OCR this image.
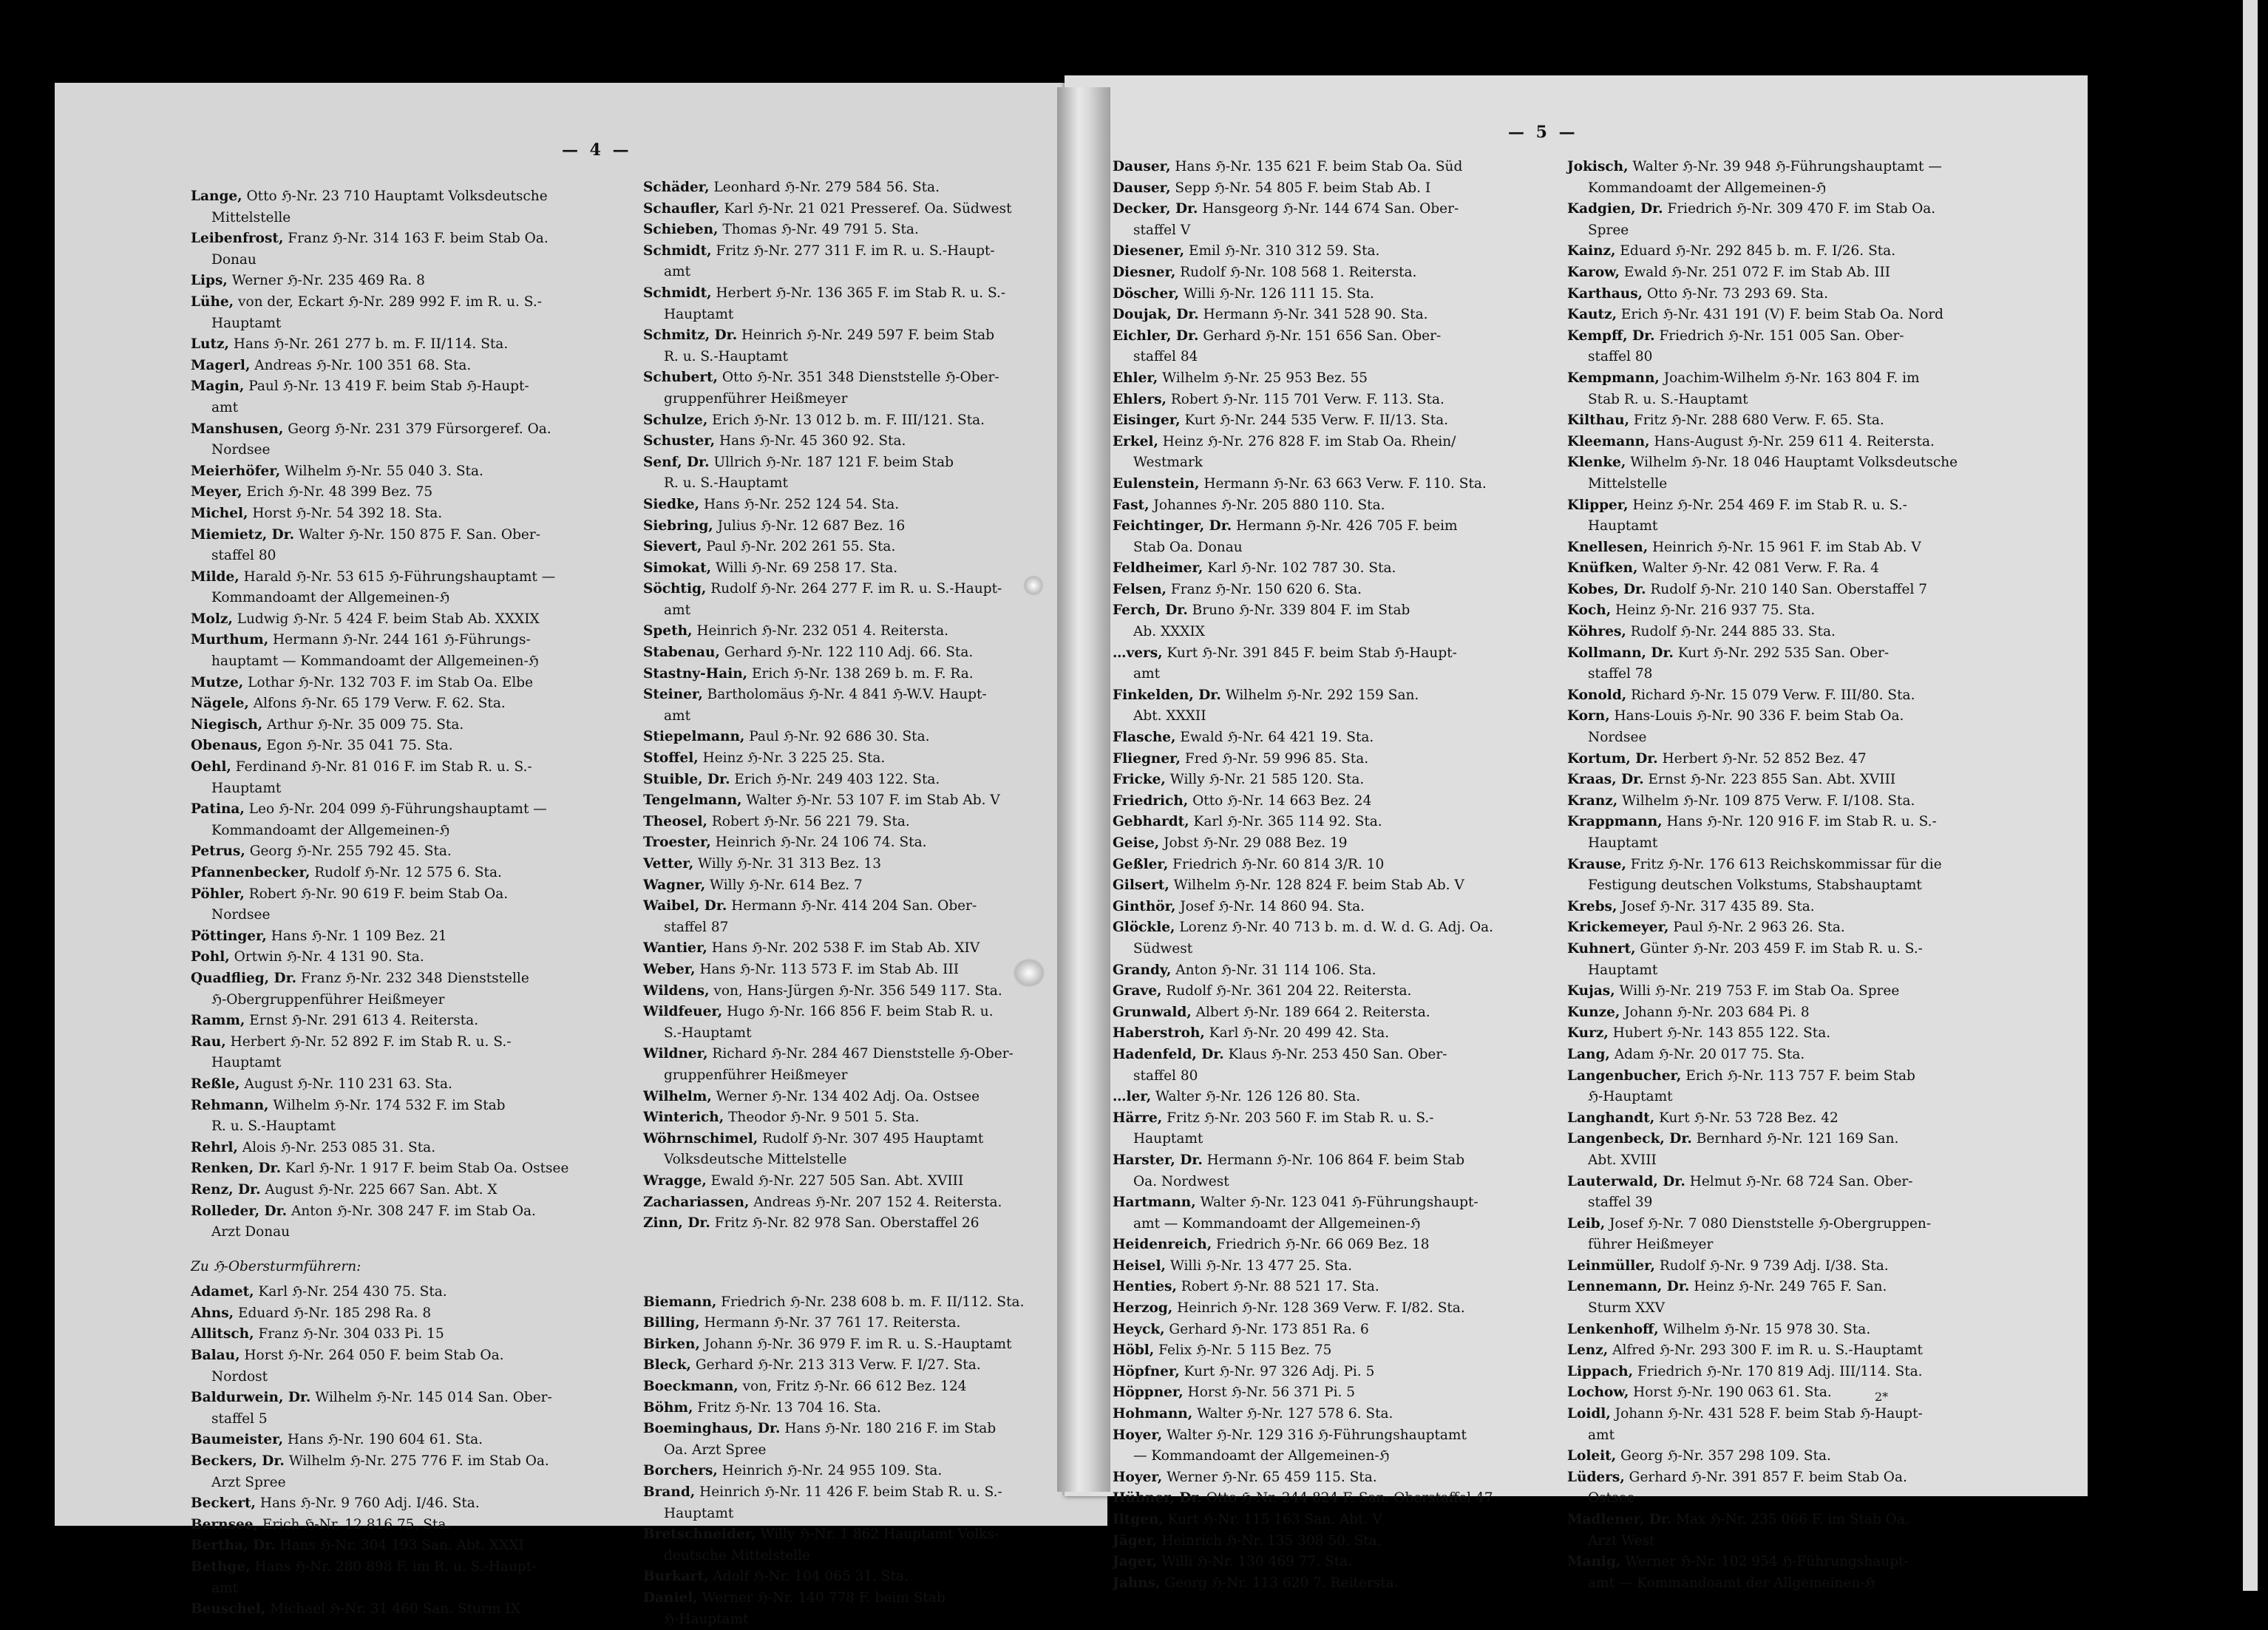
— 4 —
— 5 —
Lange, Otto ℌ-Nr. 23 710 Hauptamt Volksdeutsche
Mittelstelle
Leibenfrost, Franz ℌ-Nr. 314 163 F. beim Stab Oa.
Donau
Lips, Werner ℌ-Nr. 235 469 Ra. 8
Lühe, von der, Eckart ℌ-Nr. 289 992 F. im R. u. S.-
Hauptamt
Lutz, Hans ℌ-Nr. 261 277 b. m. F. II/114. Sta.
Magerl, Andreas ℌ-Nr. 100 351 68. Sta.
Magin, Paul ℌ-Nr. 13 419 F. beim Stab ℌ-Haupt-
amt
Manshusen, Georg ℌ-Nr. 231 379 Fürsorgeref. Oa.
Nordsee
Meierhöfer, Wilhelm ℌ-Nr. 55 040 3. Sta.
Meyer, Erich ℌ-Nr. 48 399 Bez. 75
Michel, Horst ℌ-Nr. 54 392 18. Sta.
Miemietz, Dr. Walter ℌ-Nr. 150 875 F. San. Ober-
staffel 80
Milde, Harald ℌ-Nr. 53 615 ℌ-Führungshauptamt —
Kommandoamt der Allgemeinen-ℌ
Molz, Ludwig ℌ-Nr. 5 424 F. beim Stab Ab. XXXIX
Murthum, Hermann ℌ-Nr. 244 161 ℌ-Führungs-
hauptamt — Kommandoamt der Allgemeinen-ℌ
Mutze, Lothar ℌ-Nr. 132 703 F. im Stab Oa. Elbe
Nägele, Alfons ℌ-Nr. 65 179 Verw. F. 62. Sta.
Niegisch, Arthur ℌ-Nr. 35 009 75. Sta.
Obenaus, Egon ℌ-Nr. 35 041 75. Sta.
Oehl, Ferdinand ℌ-Nr. 81 016 F. im Stab R. u. S.-
Hauptamt
Patina, Leo ℌ-Nr. 204 099 ℌ-Führungshauptamt —
Kommandoamt der Allgemeinen-ℌ
Petrus, Georg ℌ-Nr. 255 792 45. Sta.
Pfannenbecker, Rudolf ℌ-Nr. 12 575 6. Sta.
Pöhler, Robert ℌ-Nr. 90 619 F. beim Stab Oa.
Nordsee
Pöttinger, Hans ℌ-Nr. 1 109 Bez. 21
Pohl, Ortwin ℌ-Nr. 4 131 90. Sta.
Quadflieg, Dr. Franz ℌ-Nr. 232 348 Dienststelle
ℌ-Obergruppenführer Heißmeyer
Ramm, Ernst ℌ-Nr. 291 613 4. Reitersta.
Rau, Herbert ℌ-Nr. 52 892 F. im Stab R. u. S.-
Hauptamt
Reßle, August ℌ-Nr. 110 231 63. Sta.
Rehmann, Wilhelm ℌ-Nr. 174 532 F. im Stab
R. u. S.-Hauptamt
Rehrl, Alois ℌ-Nr. 253 085 31. Sta.
Renken, Dr. Karl ℌ-Nr. 1 917 F. beim Stab Oa. Ostsee
Renz, Dr. August ℌ-Nr. 225 667 San. Abt. X
Rolleder, Dr. Anton ℌ-Nr. 308 247 F. im Stab Oa.
Arzt Donau
Zu ℌ-Obersturmführern:
Adamet, Karl ℌ-Nr. 254 430 75. Sta.
Ahns, Eduard ℌ-Nr. 185 298 Ra. 8
Allitsch, Franz ℌ-Nr. 304 033 Pi. 15
Balau, Horst ℌ-Nr. 264 050 F. beim Stab Oa.
Nordost
Baldurwein, Dr. Wilhelm ℌ-Nr. 145 014 San. Ober-
staffel 5
Baumeister, Hans ℌ-Nr. 190 604 61. Sta.
Beckers, Dr. Wilhelm ℌ-Nr. 275 776 F. im Stab Oa.
Arzt Spree
Beckert, Hans ℌ-Nr. 9 760 Adj. I/46. Sta.
Bernsee, Erich ℌ-Nr. 12 816 75. Sta.
Bertha, Dr. Hans ℌ-Nr. 304 193 San. Abt. XXXI
Bethge, Hans ℌ-Nr. 280 898 F. im R. u. S.-Haupt-
amt
Beuschel, Michael ℌ-Nr. 31 460 San. Sturm IX
Schäder, Leonhard ℌ-Nr. 279 584 56. Sta.
Schaufler, Karl ℌ-Nr. 21 021 Presseref. Oa. Südwest
Schieben, Thomas ℌ-Nr. 49 791 5. Sta.
Schmidt, Fritz ℌ-Nr. 277 311 F. im R. u. S.-Haupt-
amt
Schmidt, Herbert ℌ-Nr. 136 365 F. im Stab R. u. S.-
Hauptamt
Schmitz, Dr. Heinrich ℌ-Nr. 249 597 F. beim Stab
R. u. S.-Hauptamt
Schubert, Otto ℌ-Nr. 351 348 Dienststelle ℌ-Ober-
gruppenführer Heißmeyer
Schulze, Erich ℌ-Nr. 13 012 b. m. F. III/121. Sta.
Schuster, Hans ℌ-Nr. 45 360 92. Sta.
Senf, Dr. Ullrich ℌ-Nr. 187 121 F. beim Stab
R. u. S.-Hauptamt
Siedke, Hans ℌ-Nr. 252 124 54. Sta.
Siebring, Julius ℌ-Nr. 12 687 Bez. 16
Sievert, Paul ℌ-Nr. 202 261 55. Sta.
Simokat, Willi ℌ-Nr. 69 258 17. Sta.
Söchtig, Rudolf ℌ-Nr. 264 277 F. im R. u. S.-Haupt-
amt
Speth, Heinrich ℌ-Nr. 232 051 4. Reitersta.
Stabenau, Gerhard ℌ-Nr. 122 110 Adj. 66. Sta.
Stastny-Hain, Erich ℌ-Nr. 138 269 b. m. F. Ra.
Steiner, Bartholomäus ℌ-Nr. 4 841 ℌ-W.V. Haupt-
amt
Stiepelmann, Paul ℌ-Nr. 92 686 30. Sta.
Stoffel, Heinz ℌ-Nr. 3 225 25. Sta.
Stuible, Dr. Erich ℌ-Nr. 249 403 122. Sta.
Tengelmann, Walter ℌ-Nr. 53 107 F. im Stab Ab. V
Theosel, Robert ℌ-Nr. 56 221 79. Sta.
Troester, Heinrich ℌ-Nr. 24 106 74. Sta.
Vetter, Willy ℌ-Nr. 31 313 Bez. 13
Wagner, Willy ℌ-Nr. 614 Bez. 7
Waibel, Dr. Hermann ℌ-Nr. 414 204 San. Ober-
staffel 87
Wantier, Hans ℌ-Nr. 202 538 F. im Stab Ab. XIV
Weber, Hans ℌ-Nr. 113 573 F. im Stab Ab. III
Wildens, von, Hans-Jürgen ℌ-Nr. 356 549 117. Sta.
Wildfeuer, Hugo ℌ-Nr. 166 856 F. beim Stab R. u.
S.-Hauptamt
Wildner, Richard ℌ-Nr. 284 467 Dienststelle ℌ-Ober-
gruppenführer Heißmeyer
Wilhelm, Werner ℌ-Nr. 134 402 Adj. Oa. Ostsee
Winterich, Theodor ℌ-Nr. 9 501 5. Sta.
Wöhrnschimel, Rudolf ℌ-Nr. 307 495 Hauptamt
Volksdeutsche Mittelstelle
Wragge, Ewald ℌ-Nr. 227 505 San. Abt. XVIII
Zachariassen, Andreas ℌ-Nr. 207 152 4. Reitersta.
Zinn, Dr. Fritz ℌ-Nr. 82 978 San. Oberstaffel 26
Biemann, Friedrich ℌ-Nr. 238 608 b. m. F. II/112. Sta.
Billing, Hermann ℌ-Nr. 37 761 17. Reitersta.
Birken, Johann ℌ-Nr. 36 979 F. im R. u. S.-Hauptamt
Bleck, Gerhard ℌ-Nr. 213 313 Verw. F. I/27. Sta.
Boeckmann, von, Fritz ℌ-Nr. 66 612 Bez. 124
Böhm, Fritz ℌ-Nr. 13 704 16. Sta.
Boeminghaus, Dr. Hans ℌ-Nr. 180 216 F. im Stab
Oa. Arzt Spree
Borchers, Heinrich ℌ-Nr. 24 955 109. Sta.
Brand, Heinrich ℌ-Nr. 11 426 F. beim Stab R. u. S.-
Hauptamt
Bretschneider, Willy ℌ-Nr. 1 862 Hauptamt Volks-
deutsche Mittelstelle
Burkart, Adolf ℌ-Nr. 104 065 31. Sta.
Daniel, Werner ℌ-Nr. 140 778 F. beim Stab
ℌ-Hauptamt
Dauser, Hans ℌ-Nr. 135 621 F. beim Stab Oa. Süd
Dauser, Sepp ℌ-Nr. 54 805 F. beim Stab Ab. I
Decker, Dr. Hansgeorg ℌ-Nr. 144 674 San. Ober-
staffel V
Diesener, Emil ℌ-Nr. 310 312 59. Sta.
Diesner, Rudolf ℌ-Nr. 108 568 1. Reitersta.
Döscher, Willi ℌ-Nr. 126 111 15. Sta.
Doujak, Dr. Hermann ℌ-Nr. 341 528 90. Sta.
Eichler, Dr. Gerhard ℌ-Nr. 151 656 San. Ober-
staffel 84
Ehler, Wilhelm ℌ-Nr. 25 953 Bez. 55
Ehlers, Robert ℌ-Nr. 115 701 Verw. F. 113. Sta.
Eisinger, Kurt ℌ-Nr. 244 535 Verw. F. II/13. Sta.
Erkel, Heinz ℌ-Nr. 276 828 F. im Stab Oa. Rhein/
Westmark
Eulenstein, Hermann ℌ-Nr. 63 663 Verw. F. 110. Sta.
Fast, Johannes ℌ-Nr. 205 880 110. Sta.
Feichtinger, Dr. Hermann ℌ-Nr. 426 705 F. beim
Stab Oa. Donau
Feldheimer, Karl ℌ-Nr. 102 787 30. Sta.
Felsen, Franz ℌ-Nr. 150 620 6. Sta.
Ferch, Dr. Bruno ℌ-Nr. 339 804 F. im Stab
Ab. XXXIX
…vers, Kurt ℌ-Nr. 391 845 F. beim Stab ℌ-Haupt-
amt
Finkelden, Dr. Wilhelm ℌ-Nr. 292 159 San.
Abt. XXXII
Flasche, Ewald ℌ-Nr. 64 421 19. Sta.
Fliegner, Fred ℌ-Nr. 59 996 85. Sta.
Fricke, Willy ℌ-Nr. 21 585 120. Sta.
Friedrich, Otto ℌ-Nr. 14 663 Bez. 24
Gebhardt, Karl ℌ-Nr. 365 114 92. Sta.
Geise, Jobst ℌ-Nr. 29 088 Bez. 19
Geßler, Friedrich ℌ-Nr. 60 814 3/R. 10
Gilsert, Wilhelm ℌ-Nr. 128 824 F. beim Stab Ab. V
Ginthör, Josef ℌ-Nr. 14 860 94. Sta.
Glöckle, Lorenz ℌ-Nr. 40 713 b. m. d. W. d. G. Adj. Oa.
Südwest
Grandy, Anton ℌ-Nr. 31 114 106. Sta.
Grave, Rudolf ℌ-Nr. 361 204 22. Reitersta.
Grunwald, Albert ℌ-Nr. 189 664 2. Reitersta.
Haberstroh, Karl ℌ-Nr. 20 499 42. Sta.
Hadenfeld, Dr. Klaus ℌ-Nr. 253 450 San. Ober-
staffel 80
…ler, Walter ℌ-Nr. 126 126 80. Sta.
Härre, Fritz ℌ-Nr. 203 560 F. im Stab R. u. S.-
Hauptamt
Harster, Dr. Hermann ℌ-Nr. 106 864 F. beim Stab
Oa. Nordwest
Hartmann, Walter ℌ-Nr. 123 041 ℌ-Führungshaupt-
amt — Kommandoamt der Allgemeinen-ℌ
Heidenreich, Friedrich ℌ-Nr. 66 069 Bez. 18
Heisel, Willi ℌ-Nr. 13 477 25. Sta.
Henties, Robert ℌ-Nr. 88 521 17. Sta.
Herzog, Heinrich ℌ-Nr. 128 369 Verw. F. I/82. Sta.
Heyck, Gerhard ℌ-Nr. 173 851 Ra. 6
Höbl, Felix ℌ-Nr. 5 115 Bez. 75
Höpfner, Kurt ℌ-Nr. 97 326 Adj. Pi. 5
Höppner, Horst ℌ-Nr. 56 371 Pi. 5
Hohmann, Walter ℌ-Nr. 127 578 6. Sta.
Hoyer, Walter ℌ-Nr. 129 316 ℌ-Führungshauptamt
— Kommandoamt der Allgemeinen-ℌ
Hoyer, Werner ℌ-Nr. 65 459 115. Sta.
Hübner, Dr. Otto ℌ-Nr. 244 824 F. San. Oberstaffel 47
Iltgen, Kurt ℌ-Nr. 115 163 San. Abt. V
Jäger, Heinrich ℌ-Nr. 135 308 50. Sta.
Jager, Willi ℌ-Nr. 130 469 77. Sta.
Jahns, Georg ℌ-Nr. 113 620 7. Reitersta.
Jokisch, Walter ℌ-Nr. 39 948 ℌ-Führungshauptamt —
Kommandoamt der Allgemeinen-ℌ
Kadgien, Dr. Friedrich ℌ-Nr. 309 470 F. im Stab Oa.
Spree
Kainz, Eduard ℌ-Nr. 292 845 b. m. F. I/26. Sta.
Karow, Ewald ℌ-Nr. 251 072 F. im Stab Ab. III
Karthaus, Otto ℌ-Nr. 73 293 69. Sta.
Kautz, Erich ℌ-Nr. 431 191 (V) F. beim Stab Oa. Nord
Kempff, Dr. Friedrich ℌ-Nr. 151 005 San. Ober-
staffel 80
Kempmann, Joachim-Wilhelm ℌ-Nr. 163 804 F. im
Stab R. u. S.-Hauptamt
Kilthau, Fritz ℌ-Nr. 288 680 Verw. F. 65. Sta.
Kleemann, Hans-August ℌ-Nr. 259 611 4. Reitersta.
Klenke, Wilhelm ℌ-Nr. 18 046 Hauptamt Volksdeutsche
Mittelstelle
Klipper, Heinz ℌ-Nr. 254 469 F. im Stab R. u. S.-
Hauptamt
Knellesen, Heinrich ℌ-Nr. 15 961 F. im Stab Ab. V
Knüfken, Walter ℌ-Nr. 42 081 Verw. F. Ra. 4
Kobes, Dr. Rudolf ℌ-Nr. 210 140 San. Oberstaffel 7
Koch, Heinz ℌ-Nr. 216 937 75. Sta.
Köhres, Rudolf ℌ-Nr. 244 885 33. Sta.
Kollmann, Dr. Kurt ℌ-Nr. 292 535 San. Ober-
staffel 78
Konold, Richard ℌ-Nr. 15 079 Verw. F. III/80. Sta.
Korn, Hans-Louis ℌ-Nr. 90 336 F. beim Stab Oa.
Nordsee
Kortum, Dr. Herbert ℌ-Nr. 52 852 Bez. 47
Kraas, Dr. Ernst ℌ-Nr. 223 855 San. Abt. XVIII
Kranz, Wilhelm ℌ-Nr. 109 875 Verw. F. I/108. Sta.
Krappmann, Hans ℌ-Nr. 120 916 F. im Stab R. u. S.-
Hauptamt
Krause, Fritz ℌ-Nr. 176 613 Reichskommissar für die
Festigung deutschen Volkstums, Stabshauptamt
Krebs, Josef ℌ-Nr. 317 435 89. Sta.
Krickemeyer, Paul ℌ-Nr. 2 963 26. Sta.
Kuhnert, Günter ℌ-Nr. 203 459 F. im Stab R. u. S.-
Hauptamt
Kujas, Willi ℌ-Nr. 219 753 F. im Stab Oa. Spree
Kunze, Johann ℌ-Nr. 203 684 Pi. 8
Kurz, Hubert ℌ-Nr. 143 855 122. Sta.
Lang, Adam ℌ-Nr. 20 017 75. Sta.
Langenbucher, Erich ℌ-Nr. 113 757 F. beim Stab
ℌ-Hauptamt
Langhandt, Kurt ℌ-Nr. 53 728 Bez. 42
Langenbeck, Dr. Bernhard ℌ-Nr. 121 169 San.
Abt. XVIII
Lauterwald, Dr. Helmut ℌ-Nr. 68 724 San. Ober-
staffel 39
Leib, Josef ℌ-Nr. 7 080 Dienststelle ℌ-Obergruppen-
führer Heißmeyer
Leinmüller, Rudolf ℌ-Nr. 9 739 Adj. I/38. Sta.
Lennemann, Dr. Heinz ℌ-Nr. 249 765 F. San.
Sturm XXV
Lenkenhoff, Wilhelm ℌ-Nr. 15 978 30. Sta.
Lenz, Alfred ℌ-Nr. 293 300 F. im R. u. S.-Hauptamt
Lippach, Friedrich ℌ-Nr. 170 819 Adj. III/114. Sta.
Lochow, Horst ℌ-Nr. 190 063 61. Sta.
Loidl, Johann ℌ-Nr. 431 528 F. beim Stab ℌ-Haupt-
amt
Loleit, Georg ℌ-Nr. 357 298 109. Sta.
Lüders, Gerhard ℌ-Nr. 391 857 F. beim Stab Oa.
Ostsee
Madlener, Dr. Max ℌ-Nr. 235 066 F. im Stab Oa.
Arzt West
Manig, Werner ℌ-Nr. 102 954 ℌ-Führungshaupt-
amt — Kommandoamt der Allgemeinen-ℌ
2*
